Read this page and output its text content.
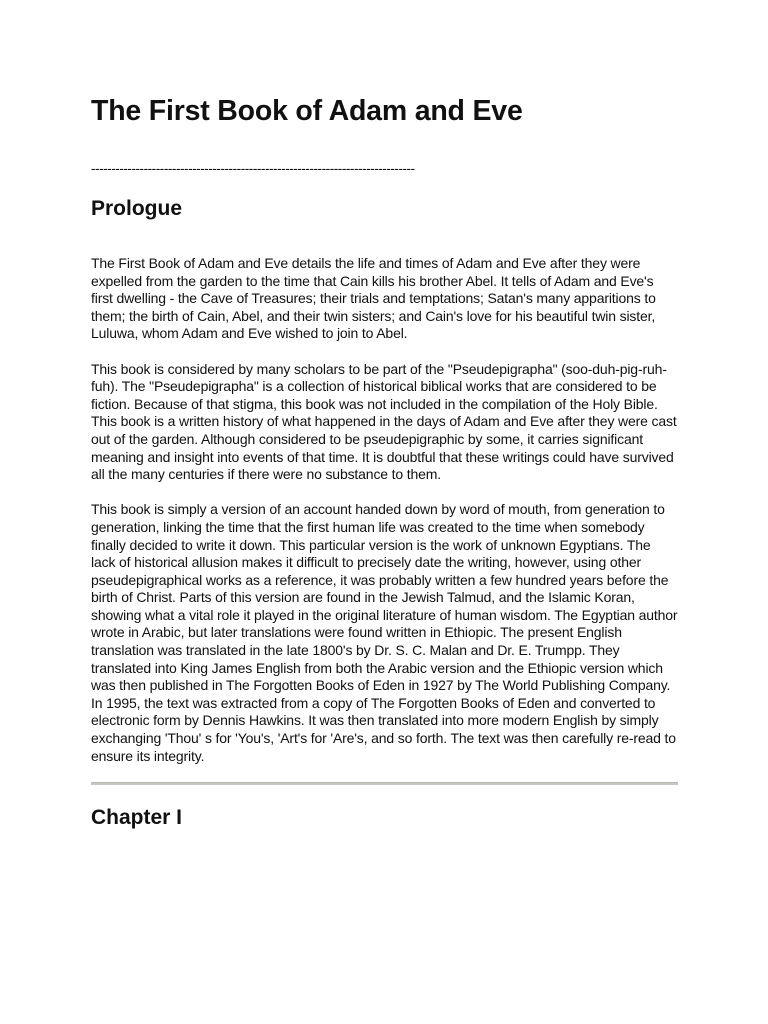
The First Book of Adam and Eve
--------------------------------------------------------------------------------
Prologue

The First Book of Adam and Eve details the life and times of Adam and Eve after they were expelled from the garden to the time that Cain kills his brother Abel. It tells of Adam and Eve's first dwelling - the Cave of Treasures; their trials and temptations; Satan's many apparitions to them; the birth of Cain, Abel, and their twin sisters; and Cain's love for his beautiful twin sister, Luluwa, whom Adam and Eve wished to join to Abel.

This book is considered by many scholars to be part of the "Pseudepigrapha" (soo-duh-pig-ruh-fuh). The "Pseudepigrapha" is a collection of historical biblical works that are considered to be fiction. Because of that stigma, this book was not included in the compilation of the Holy Bible. This book is a written history of what happened in the days of Adam and Eve after they were cast out of the garden. Although considered to be pseudepigraphic by some, it carries significant meaning and insight into events of that time. It is doubtful that these writings could have survived all the many centuries if there were no substance to them.

This book is simply a version of an account handed down by word of mouth, from generation to generation, linking the time that the first human life was created to the time when somebody finally decided to write it down. This particular version is the work of unknown Egyptians. The lack of historical allusion makes it difficult to precisely date the writing, however, using other pseudepigraphical works as a reference, it was probably written a few hundred years before the birth of Christ. Parts of this version are found in the Jewish Talmud, and the Islamic Koran, showing what a vital role it played in the original literature of human wisdom. The Egyptian author wrote in Arabic, but later translations were found written in Ethiopic. The present English translation was translated in the late 1800's by Dr. S. C. Malan and Dr. E. Trumpp. They translated into King James English from both the Arabic version and the Ethiopic version which was then published in The Forgotten Books of Eden in 1927 by The World Publishing Company. In 1995, the text was extracted from a copy of The Forgotten Books of Eden and converted to electronic form by Dennis Hawkins. It was then translated into more modern English by simply exchanging 'Thou' s for 'You's, 'Art's for 'Are's, and so forth. The text was then carefully re-read to ensure its integrity.

Chapter I
